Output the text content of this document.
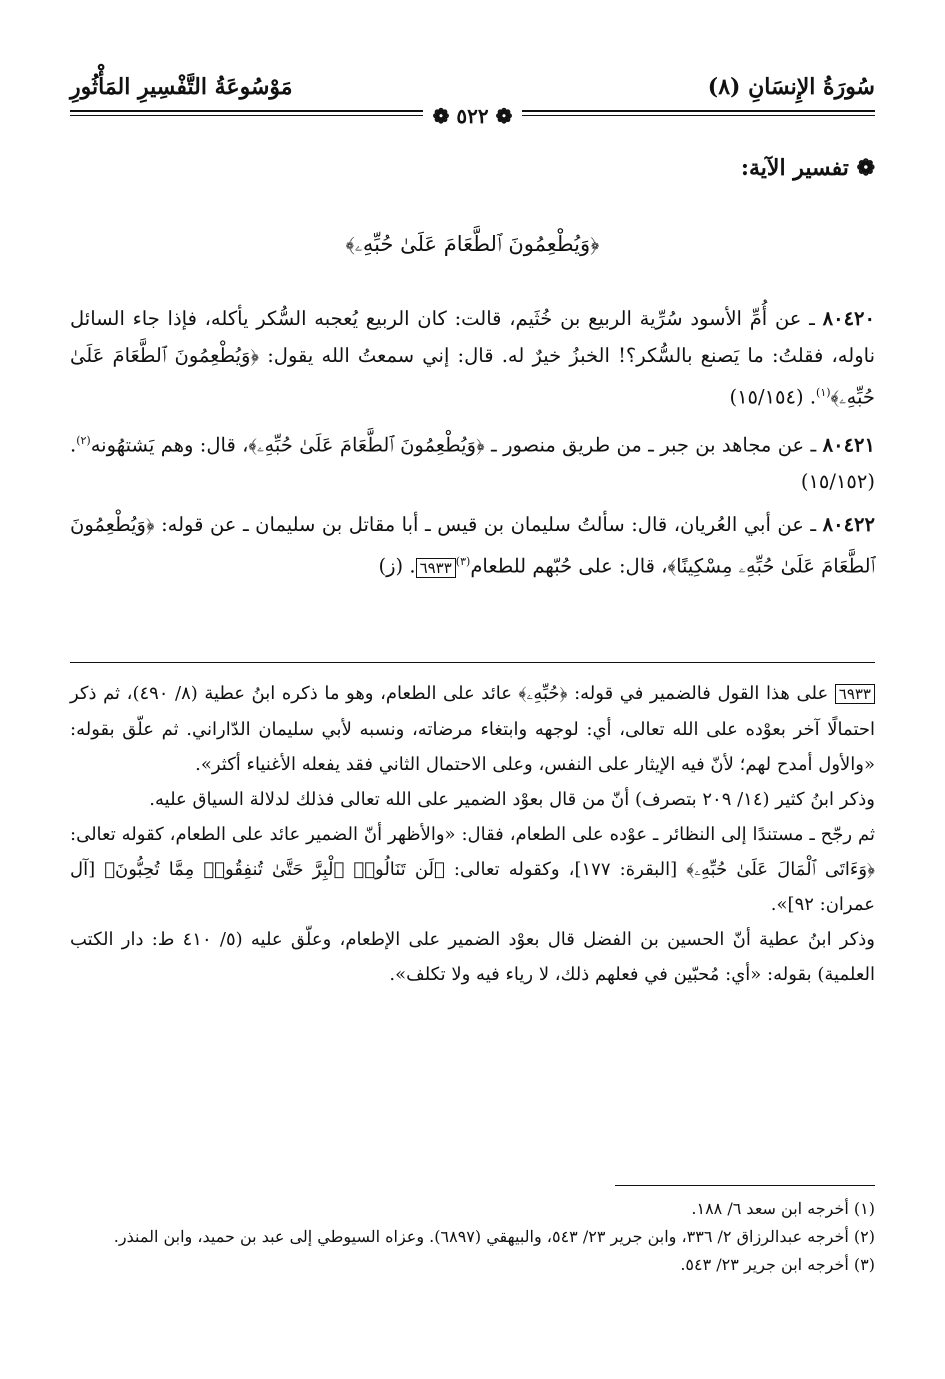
سُورَةُ الإِنسَانِ (٨)
مَوْسُوعَةُ التَّفْسِيرِ المَأْثُورِ
❁ ٥٢٢ ❁
❁ تفسير الآية:
﴿وَيُطْعِمُونَ ٱلطَّعَامَ عَلَىٰ حُبِّهِۦ﴾

٨٠٤٢٠ ـ عن أُمِّ الأسود سُرِّية الربيع بن خُثَيم، قالت: كان الربيع يُعجبه السُّكر يأكله، فإذا جاء السائل ناوله، فقلتُ: ما يَصنع بالسُّكر؟! الخبزُ خيرٌ له. قال: إني سمعتُ الله يقول: ﴿وَيُطْعِمُونَ ٱلطَّعَامَ عَلَىٰ حُبِّهِۦ﴾$^{(١)}$. (١٥/١٥٤)

٨٠٤٢١ ـ عن مجاهد بن جبر ـ من طريق منصور ـ ﴿وَيُطْعِمُونَ ٱلطَّعَامَ عَلَىٰ حُبِّهِۦ﴾، قال: وهم يَشتهُونه$^{(٢)}$. (١٥/١٥٢)

٨٠٤٢٢ ـ عن أبي العُريان، قال: سألتُ سليمان بن قيس ـ أبا مقاتل بن سليمان ـ عن قوله: ﴿وَيُطْعِمُونَ ٱلطَّعَامَ عَلَىٰ حُبِّهِۦ مِسْكِينًا﴾، قال: على حُبّهم للطعام$^{(٣)}$٦٩٣٣. (ز)

٦٩٣٣ على هذا القول فالضمير في قوله: ﴿حُبِّهِۦ﴾ عائد على الطعام، وهو ما ذكره ابنُ عطية (٨/ ٤٩٠)، ثم ذكر احتمالًا آخر بعوْده على الله تعالى، أي: لوجهه وابتغاء مرضاته، ونسبه لأبي سليمان الدّاراني. ثم علّق بقوله: «والأول أمدح لهم؛ لأنّ فيه الإيثار على النفس، وعلى الاحتمال الثاني فقد يفعله الأغنياء أكثر».

وذكر ابنُ كثير (١٤/ ٢٠٩ بتصرف) أنّ من قال بعوْد الضمير على الله تعالى فذلك لدلالة السياق عليه.

ثم رجّح ـ مستندًا إلى النظائر ـ عوْده على الطعام، فقال: «والأظهر أنّ الضمير عائد على الطعام، كقوله تعالى: ﴿وَءَاتَى ٱلْمَالَ عَلَىٰ حُبِّهِۦ﴾ [البقرة: ١٧٧]، وكقوله تعالى: ﴿لَن تَنَالُوا۟ ٱلْبِرَّ حَتَّىٰ تُنفِقُوا۟ مِمَّا تُحِبُّونَ﴾ [آل عمران: ٩٢]».

وذكر ابنُ عطية أنّ الحسين بن الفضل قال بعوْد الضمير على الإطعام، وعلّق عليه (٥/ ٤١٠ ط: دار الكتب العلمية) بقوله: «أي: مُحبّين في فعلهم ذلك، لا رياء فيه ولا تكلف».

(١) أخرجه ابن سعد ٦/ ١٨٨.

(٢) أخرجه عبدالرزاق ٢/ ٣٣٦، وابن جرير ٢٣/ ٥٤٣، والبيهقي (٦٨٩٧). وعزاه السيوطي إلى عبد بن حميد، وابن المنذر.

(٣) أخرجه ابن جرير ٢٣/ ٥٤٣.
